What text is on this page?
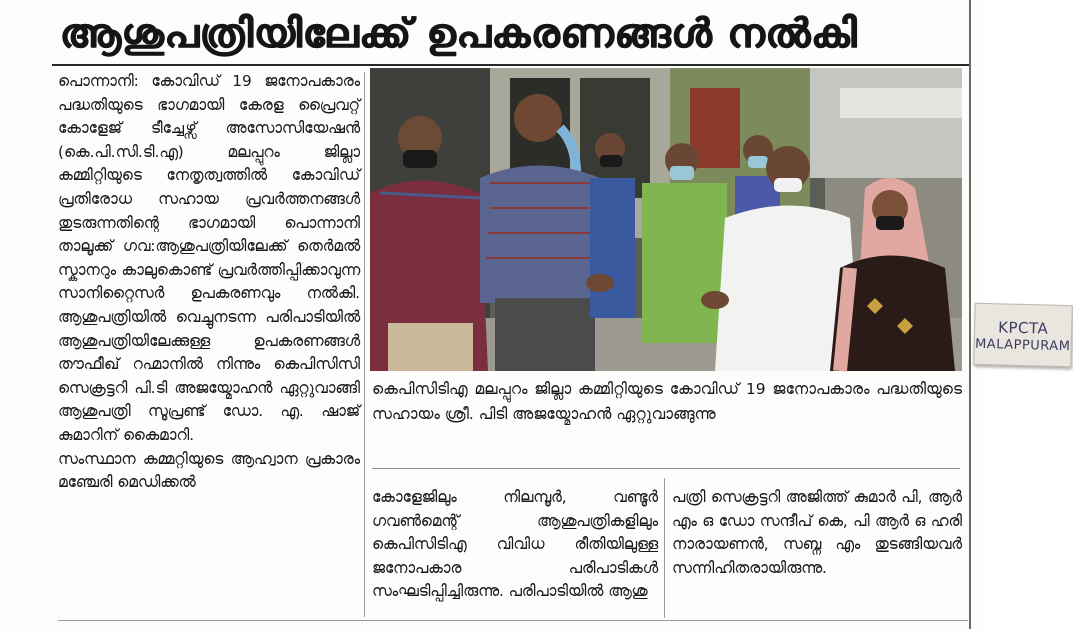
ആശുപത്രിയിലേക്ക് ഉപകരണങ്ങൾ നൽകി

പൊന്നാനി: കോവിഡ് 19 ജനോപകാരം പദ്ധതിയുടെ ഭാഗമായി കേരള പ്രൈവറ്റ് കോളേജ് ടീച്ചേഴ്സ് അസോസിയേഷൻ (കെ.പി.സി.ടി.എ) മലപ്പുറം ജില്ലാ കമ്മിറ്റിയുടെ നേതൃത്വത്തിൽ കോവിഡ് പ്രതിരോധ സഹായ പ്രവർത്തനങ്ങൾ തുടരുന്നതിന്റെ ഭാഗമായി പൊന്നാനി താലൂക്ക് ഗവ:ആശുപത്രിയിലേക്ക് തെർമൽ സ്കാനറും കാലുകൊണ്ട് പ്രവർത്തിപ്പിക്കാവുന്ന സാനിറ്റൈസർ ഉപകരണവും നൽകി. ആശുപത്രിയിൽ വെച്ചുനടന്ന പരിപാടിയിൽ ആശുപത്രിയിലേക്കുള്ള ഉപകരണങ്ങൾ തൗഫീഖ് റഹ്മാനിൽ നിന്നും കെപിസിസി സെക്രട്ടറി പി.ടി അജയ്മോഹൻ ഏറ്റുവാങ്ങി ആശുപത്രി സൂപ്രണ്ട് ഡോ. എ. ഷാജ് കുമാറിന് കൈമാറി.

സംസ്ഥാന കമ്മറ്റിയുടെ ആഹ്വാന പ്രകാരം മഞ്ചേരി മെഡിക്കൽ

KPCTA
MALAPPURAM
കെപിസിടിഎ മലപ്പുറം ജില്ലാ കമ്മിറ്റിയുടെ കോവിഡ് 19 ജനോപകാരം പദ്ധതിയുടെ സഹായം ശ്രീ. പിടി അജയ്മോഹൻ ഏറ്റുവാങ്ങുന്നു
കോളേജിലും നിലമ്പൂർ, വണ്ടൂർ ഗവൺമെന്റ് ആശുപത്രികളിലും കെപിസിടിഎ വിവിധ രീതിയിലുള്ള ജനോപകാര പരിപാടികൾ സംഘടിപ്പിച്ചിരുന്നു. പരിപാടിയിൽ ആശു
പത്രി സെക്രട്ടറി അജിത്ത് കുമാർ പി, ആർ എം ഒ ഡോ സന്ദീപ് കെ, പി ആർ ഒ ഹരി നാരായണൻ, സബ്ന എം തുടങ്ങിയവർ സന്നിഹിതരായിരുന്നു.
